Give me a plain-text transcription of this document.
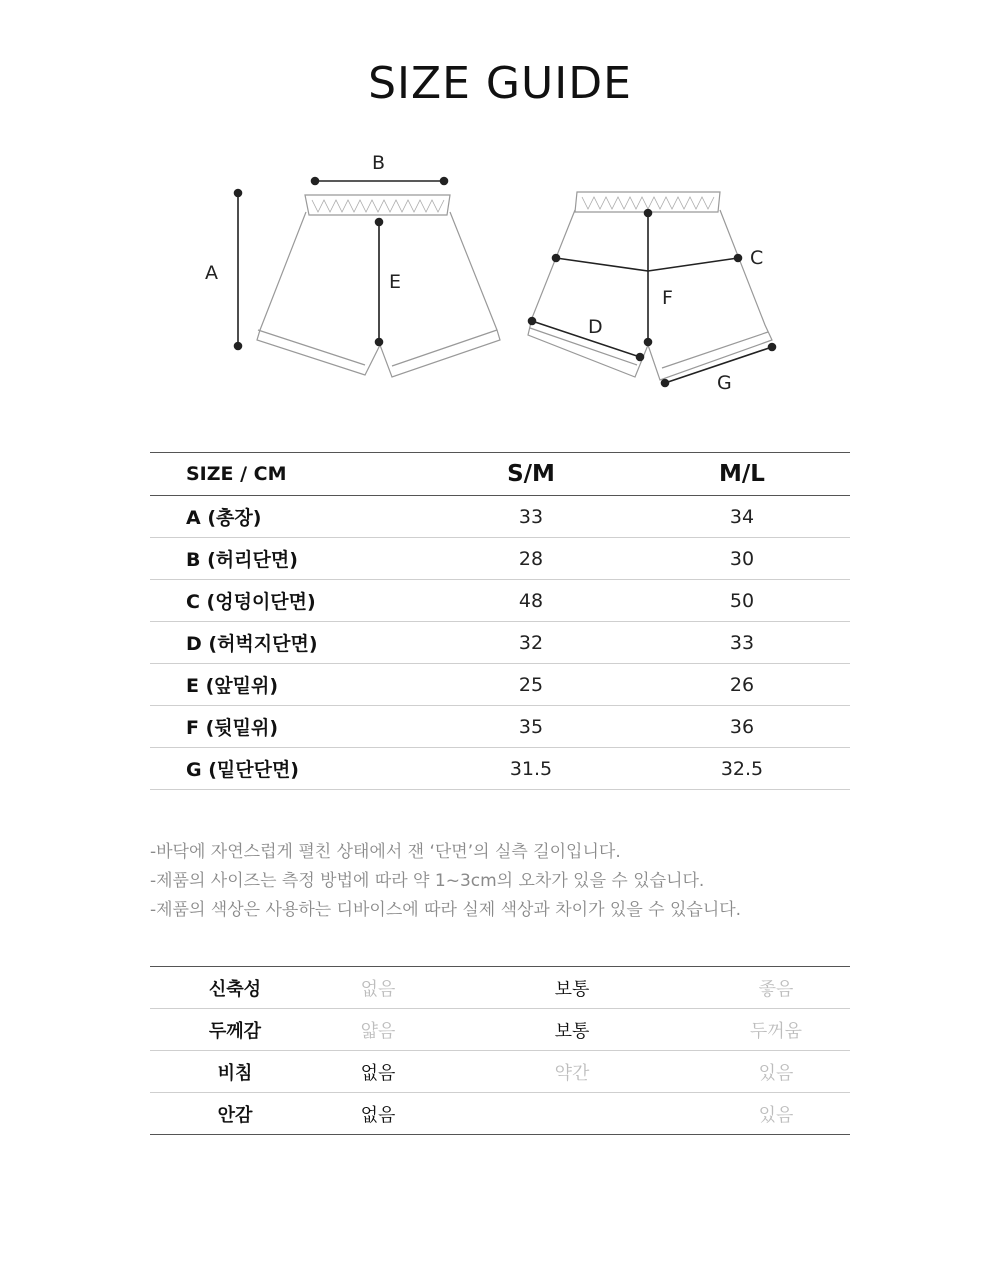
SIZE GUIDE
A
B
E
C
F
D
G
SIZE / CM	S/M	M/L	
A (총장)	33	34	
B (허리단면)	28	30	
C (엉덩이단면)	48	50	
D (허벅지단면)	32	33	
E (앞밑위)	25	26	
F (뒷밑위)	35	36	
G (밑단단면)	31.5	32.5	
-바닥에 자연스럽게 펼친 상태에서 잰 ‘단면’의 실측 길이입니다.
-제품의 사이즈는 측정 방법에 따라 약 1~3cm의 오차가 있을 수 있습니다.
-제품의 색상은 사용하는 디바이스에 따라 실제 색상과 차이가 있을 수 있습니다.
신축성	없음		보통	좋음
두께감	얇음		보통	두꺼움
비침	없음		약간	있음
안감	없음			있음
